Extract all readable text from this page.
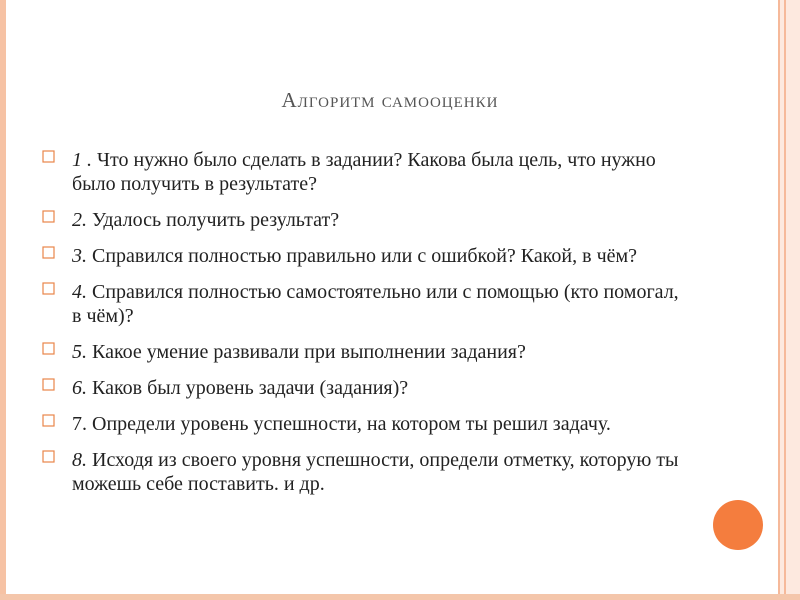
Алгоритм самооценки
1 . Что нужно было сделать в задании? Какова была цель, что нужно было получить в результате?
2. Удалось получить результат?
3. Справился полностью правильно или с ошибкой? Какой, в чём?
4. Справился полностью самостоятельно или с помощью (кто помогал, в чём)?
5. Какое умение развивали при выполнении задания?
6. Каков был уровень задачи (задания)?
7. Определи уровень успешности, на котором ты решил задачу.
8. Исходя из своего уровня успешности, определи отметку, которую ты можешь себе поставить. и др.
